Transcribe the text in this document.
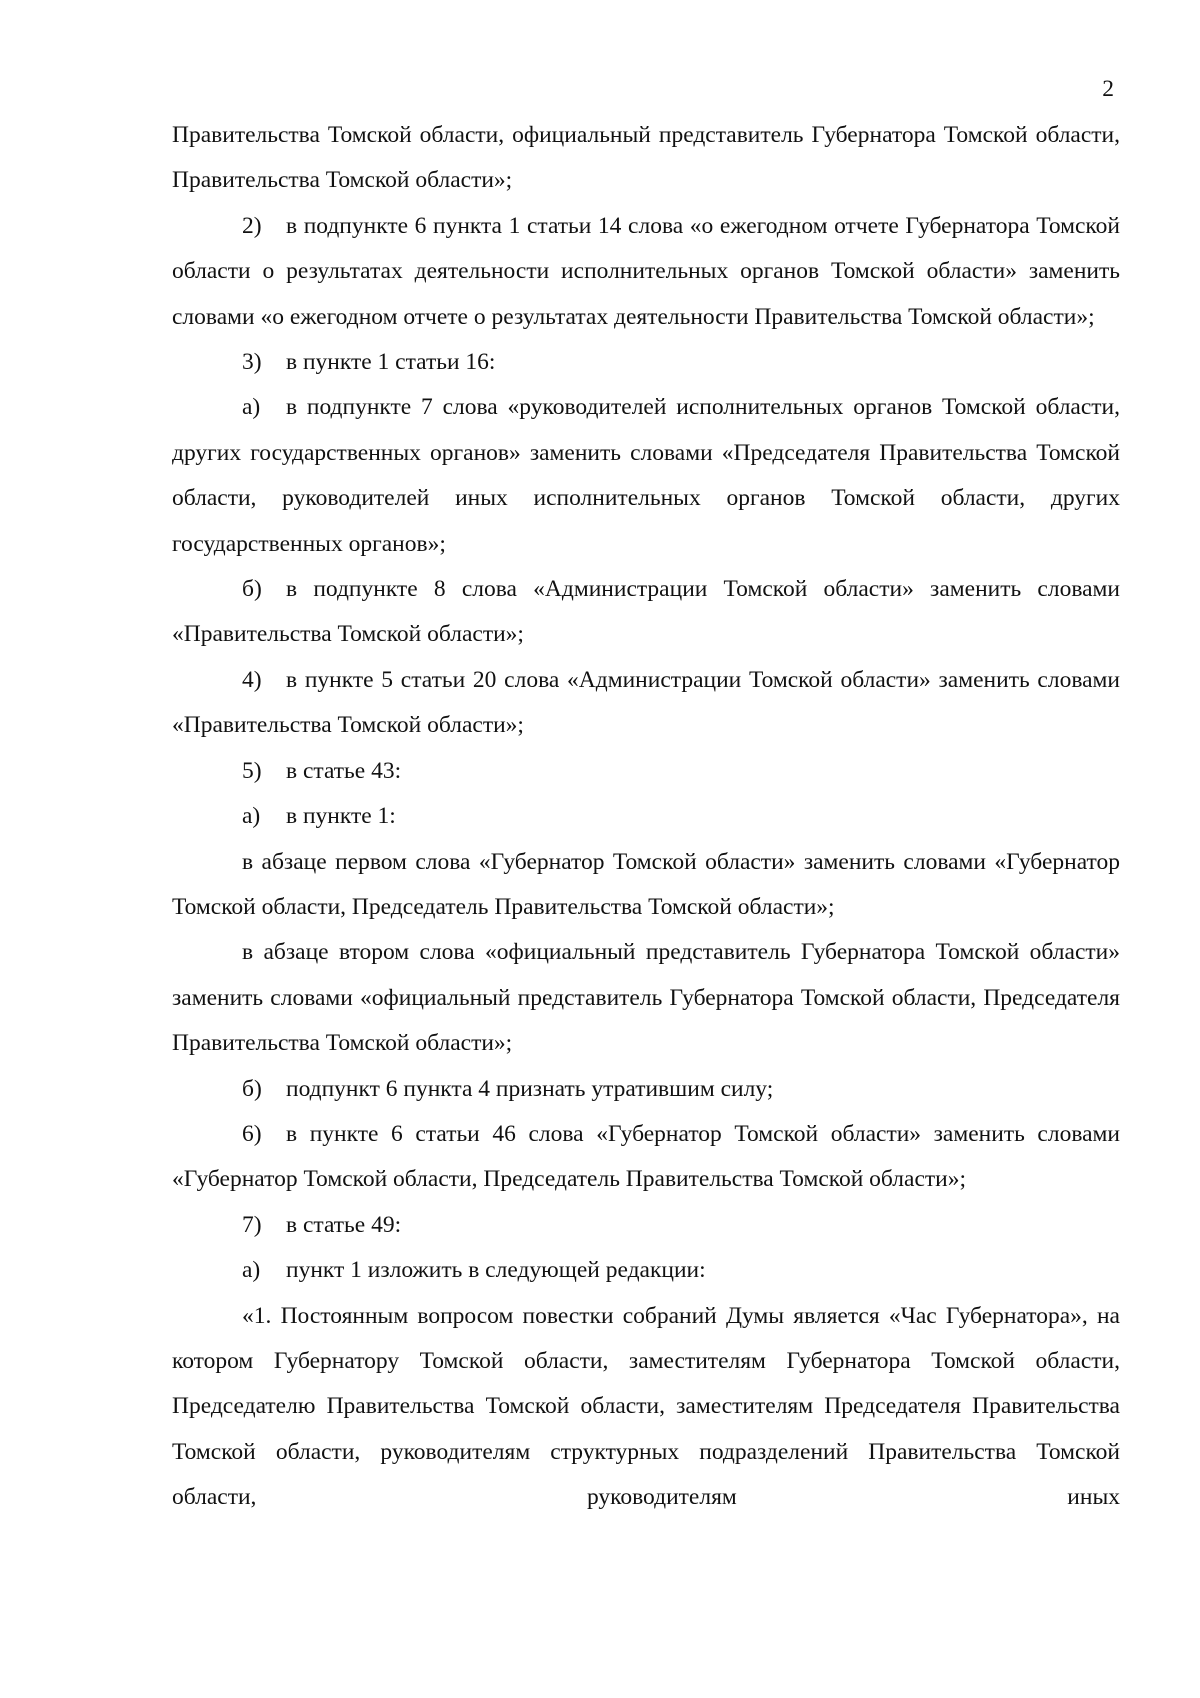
2

Правительства Томской области, официальный представитель Губернатора Томской области, Правительства Томской области»;

2) в подпункте 6 пункта 1 статьи 14 слова «о ежегодном отчете Губернатора Томской области о результатах деятельности исполнительных органов Томской области» заменить словами «о ежегодном отчете о результатах деятельности Правительства Томской области»;

3) в пункте 1 статьи 16:

а) в подпункте 7 слова «руководителей исполнительных органов Томской области, других государственных органов» заменить словами «Председателя Правительства Томской области, руководителей иных исполнительных органов Томской области, других государственных органов»;

б) в подпункте 8 слова «Администрации Томской области» заменить словами «Правительства Томской области»;

4) в пункте 5 статьи 20 слова «Администрации Томской области» заменить словами «Правительства Томской области»;

5) в статье 43:

а) в пункте 1:

в абзаце первом слова «Губернатор Томской области» заменить словами «Губернатор Томской области, Председатель Правительства Томской области»;

в абзаце втором слова «официальный представитель Губернатора Томской области» заменить словами «официальный представитель Губернатора Томской области, Председателя Правительства Томской области»;

б) подпункт 6 пункта 4 признать утратившим силу;

6) в пункте 6 статьи 46 слова «Губернатор Томской области» заменить словами «Губернатор Томской области, Председатель Правительства Томской области»;

7) в статье 49:

а) пункт 1 изложить в следующей редакции:

«1. Постоянным вопросом повестки собраний Думы является «Час Губернатора», на котором Губернатору Томской области, заместителям Губернатора Томской области, Председателю Правительства Томской области, заместителям Председателя Правительства Томской области, руководителям структурных подразделений Правительства Томской области, руководителям иных
